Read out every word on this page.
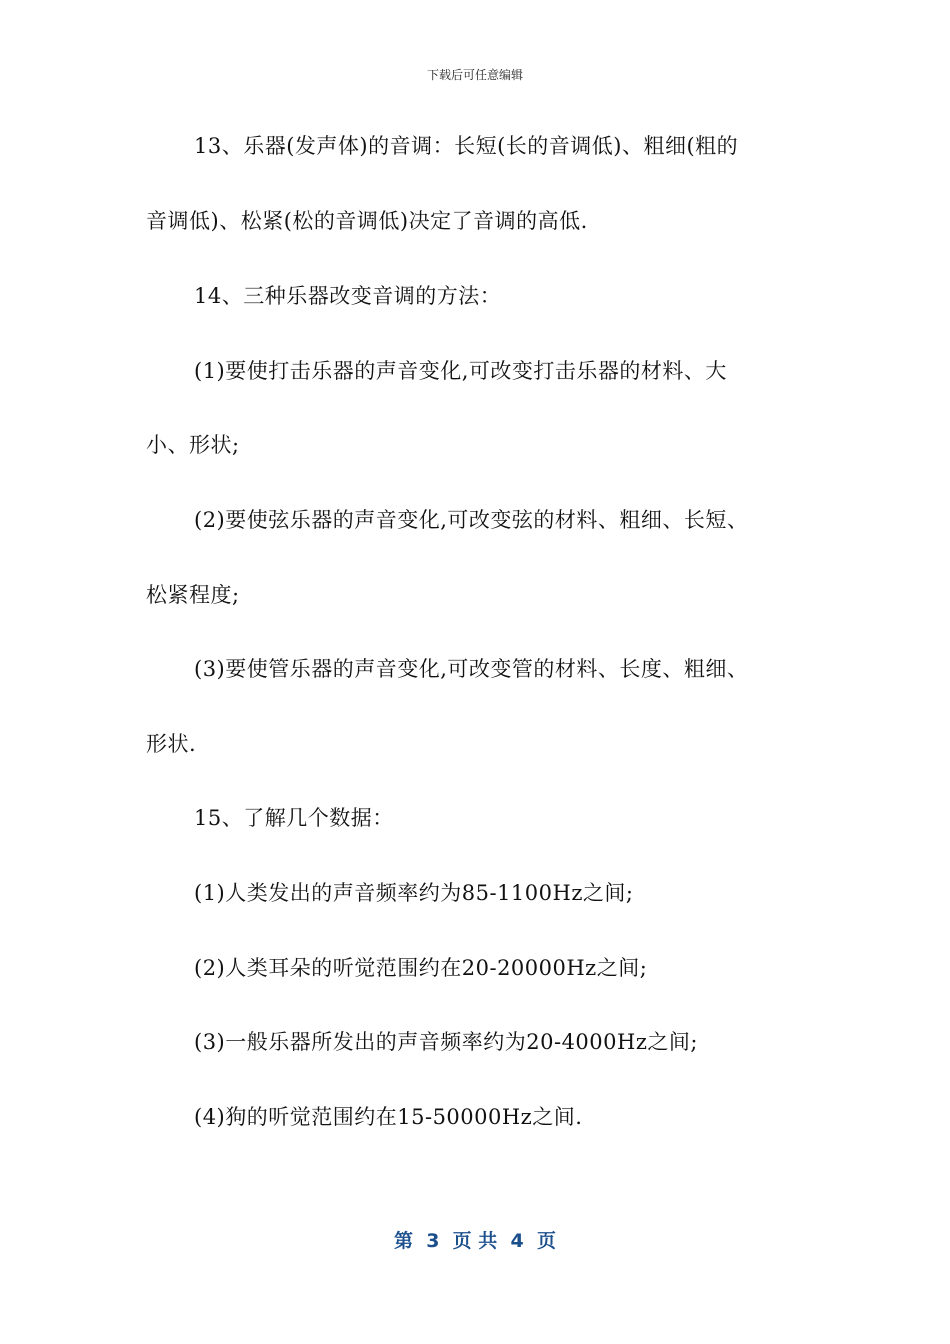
下载后可任意编辑
13、乐器(发声体)的音调：长短(长的音调低)、粗细(粗的
音调低)、松紧(松的音调低)决定了音调的高低.
14、三种乐器改变音调的方法：
(1)要使打击乐器的声音变化,可改变打击乐器的材料、大
小、形状;
(2)要使弦乐器的声音变化,可改变弦的材料、粗细、长短、
松紧程度;
(3)要使管乐器的声音变化,可改变管的材料、长度、粗细、
形状.
15、了解几个数据：
(1)人类发出的声音频率约为85-1100Hz之间;
(2)人类耳朵的听觉范围约在20-20000Hz之间;
(3)一般乐器所发出的声音频率约为20-4000Hz之间;
(4)狗的听觉范围约在15-50000Hz之间.
第  3  页 共  4  页
